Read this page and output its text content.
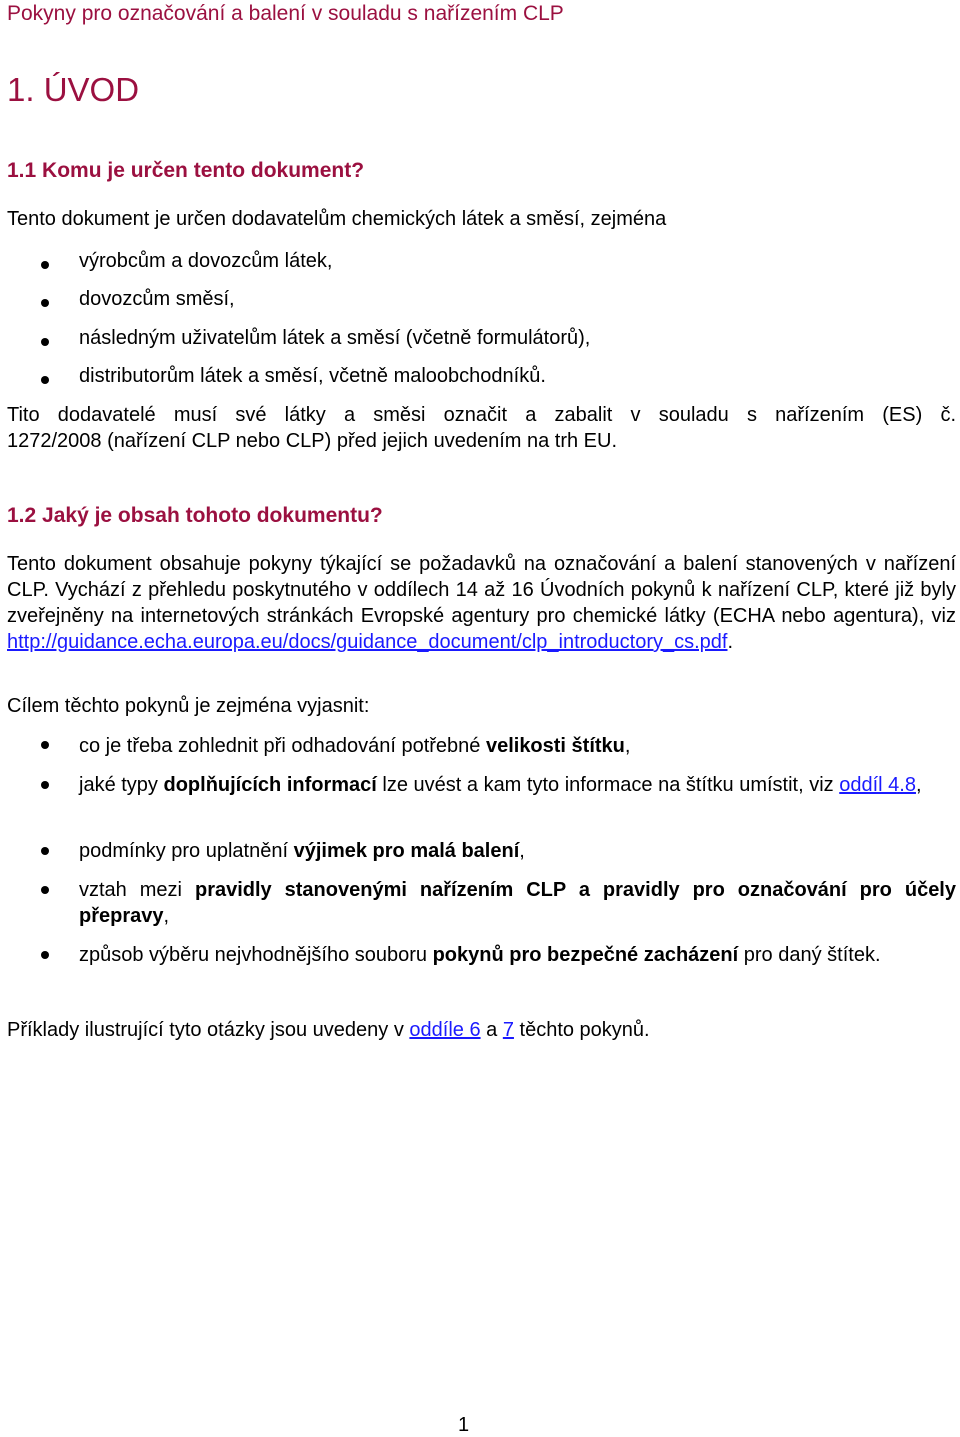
Pokyny pro označování a balení v souladu s nařízením CLP
1. ÚVOD
1.1 Komu je určen tento dokument?

Tento dokument je určen dodavatelům chemických látek a směsí, zejména

výrobcům a dovozcům látek,

dovozcům směsí,

následným uživatelům látek a směsí (včetně formulátorů),

distributorům látek a směsí, včetně maloobchodníků.

Tito dodavatelé musí své látky a směsi označit a zabalit v souladu s nařízením (ES) č.

1272/2008 (nařízení CLP nebo CLP) před jejich uvedením na trh EU.

1.2 Jaký je obsah tohoto dokumentu?

Tento dokument obsahuje pokyny týkající se požadavků na označování a balení stanovených v nařízení CLP. Vychází z přehledu poskytnutého v oddílech 14 až 16 Úvodních pokynů k nařízení CLP, které již byly zveřejněny na internetových stránkách Evropské agentury pro chemické látky (ECHA nebo agentura), viz http://guidance.echa.europa.eu/docs/guidance_document/clp_introductory_cs.pdf.

Cílem těchto pokynů je zejména vyjasnit:

co je třeba zohlednit při odhadování potřebné velikosti štítku,

jaké typy doplňujících informací lze uvést a kam tyto informace na štítku umístit, viz oddíl 4.8,

podmínky pro uplatnění výjimek pro malá balení,

vztah mezi pravidly stanovenými nařízením CLP a pravidly pro označování pro účely přepravy,

způsob výběru nejvhodnějšího souboru pokynů pro bezpečné zacházení pro daný štítek.

Příklady ilustrující tyto otázky jsou uvedeny v oddíle 6 a 7 těchto pokynů.

1
